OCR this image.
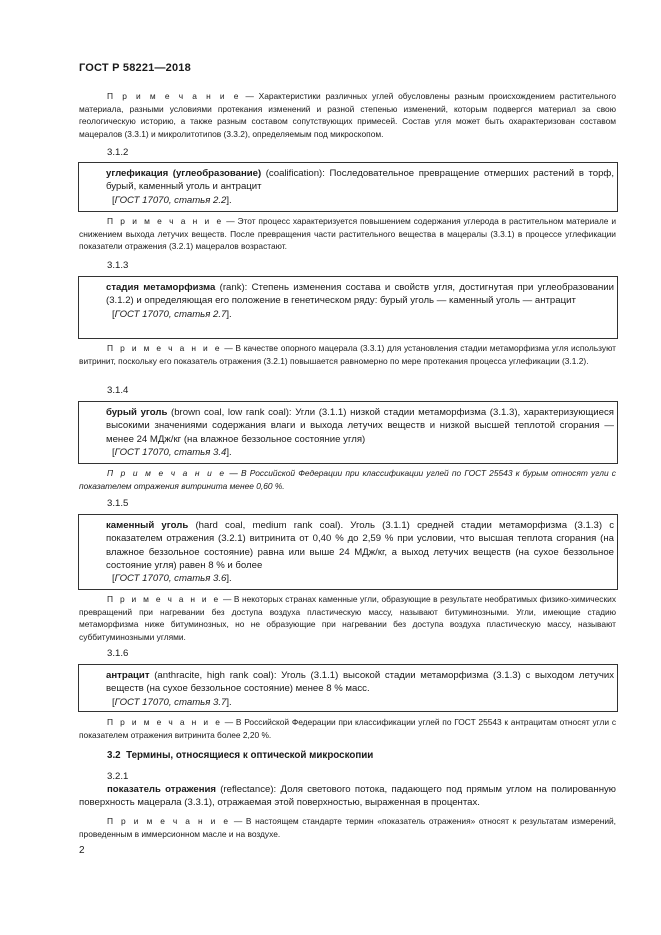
ГОСТ Р 58221—2018
П р и м е ч а н и е — Характеристики различных углей обусловлены разным происхождением растительного материала, разными условиями протекания изменений и разной степенью изменений, которым подвергся материал за свою геологическую историю, а также разным составом сопутствующих примесей. Состав угля может быть охарактеризован составом мацералов (3.3.1) и микролитотипов (3.3.2), определяемым под микроскопом.
3.1.2
углефикация (углеобразование) (coalification): Последовательное превращение отмерших растений в торф, бурый, каменный уголь и антрацит
[ГОСТ 17070, статья 2.2].
П р и м е ч а н и е — Этот процесс характеризуется повышением содержания углерода в растительном материале и снижением выхода летучих веществ. После превращения части растительного вещества в мацералы (3.3.1) в процессе углефикации показатели отражения (3.2.1) мацералов возрастают.
3.1.3
стадия метаморфизма (rank): Степень изменения состава и свойств угля, достигнутая при углеобразовании (3.1.2) и определяющая его положение в генетическом ряду: бурый уголь — каменный уголь — антрацит
[ГОСТ 17070, статья 2.7].
П р и м е ч а н и е — В качестве опорного мацерала (3.3.1) для установления стадии метаморфизма угля используют витринит, поскольку его показатель отражения (3.2.1) повышается равномерно по мере протекания процесса углефикации (3.1.2).
3.1.4
бурый уголь (brown coal, low rank coal): Угли (3.1.1) низкой стадии метаморфизма (3.1.3), характеризующиеся высокими значениями содержания влаги и выхода летучих веществ и низкой высшей теплотой сгорания — менее 24 МДж/кг (на влажное беззольное состояние угля)
[ГОСТ 17070, статья 3.4].
П р и м е ч а н и е — В Российской Федерации при классификации углей по ГОСТ 25543 к бурым относят угли с показателем отражения витринита менее 0,60 %.
3.1.5
каменный уголь (hard coal, medium rank coal). Уголь (3.1.1) средней стадии метаморфизма (3.1.3) с показателем отражения (3.2.1) витринита от 0,40 % до 2,59 % при условии, что высшая теплота сгорания (на влажное беззольное состояние) равна или выше 24 МДж/кг, а выход летучих веществ (на сухое беззольное состояние угля) равен 8 % и более
[ГОСТ 17070, статья 3.6].
П р и м е ч а н и е — В некоторых странах каменные угли, образующие в результате необратимых физико-химических превращений при нагревании без доступа воздуха пластическую массу, называют битуминозными. Угли, имеющие стадию метаморфизма ниже битуминозных, но не образующие при нагревании без доступа воздуха пластическую массу, называют суббитуминозными углями.
3.1.6
антрацит (anthracite, high rank coal): Уголь (3.1.1) высокой стадии метаморфизма (3.1.3) с выходом летучих веществ (на сухое беззольное состояние) менее 8 % масс.
[ГОСТ 17070, статья 3.7].
П р и м е ч а н и е — В Российской Федерации при классификации углей по ГОСТ 25543 к антрацитам относят угли с показателем отражения витринита более 2,20 %.
3.2 Термины, относящиеся к оптической микроскопии
3.2.1
показатель отражения (reflectance): Доля светового потока, падающего под прямым углом на полированную поверхность мацерала (3.3.1), отражаемая этой поверхностью, выраженная в процентах.
П р и м е ч а н и е — В настоящем стандарте термин «показатель отражения» относят к результатам измерений, проведенным в иммерсионном масле и на воздухе.
2
